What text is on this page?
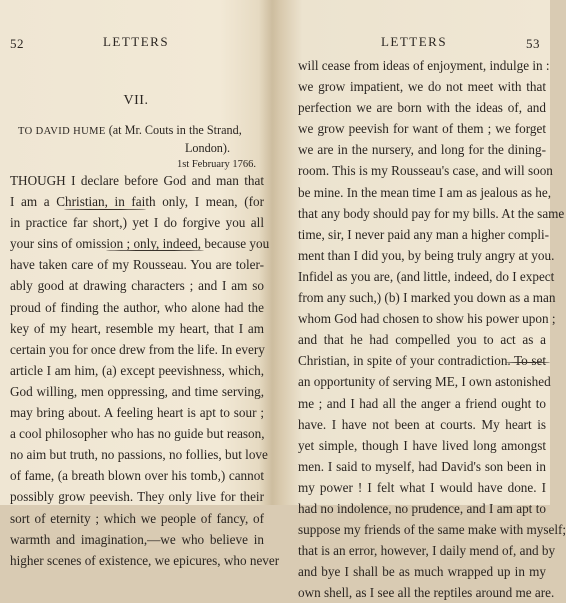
52	LETTERS
VII.
TO DAVID HUME (at Mr. Couts in the Strand,
London).
1st February 1766.
THOUGH I declare before God and man that
I am a Christian, in faith only, I mean, (for
in practice far short,) yet I do forgive you all
your sins of omission ; only, indeed, because you
have taken care of my Rousseau. You are toler-
ably good at drawing characters ; and I am so
proud of finding the author, who alone had the
key of my heart, resemble my heart, that I am
certain you for once drew from the life. In every
article I am him, (a) except peevishness, which,
God willing, men oppressing, and time serving,
may bring about. A feeling heart is apt to sour ;
a cool philosopher who has no guide but reason,
no aim but truth, no passions, no follies, but love
of fame, (a breath blown over his tomb,) cannot
possibly grow peevish. They only live for their
sort of eternity ; which we people of fancy, of
warmth and imagination,—we who believe in
higher scenes of existence, we epicures, who never
53
LETTERS
will cease from ideas of enjoyment, indulge in :
we grow impatient, we do not meet with that
perfection we are born with the ideas of, and
we grow peevish for want of them ; we forget
we are in the nursery, and long for the dining-
room. This is my Rousseau's case, and will soon
be mine. In the mean time I am as jealous as he,
that any body should pay for my bills. At the same
time, sir, I never paid any man a higher compli-
ment than I did you, by being truly angry at you.
Infidel as you are, (and little, indeed, do I expect
from any such,) (b) I marked you down as a man
whom God had chosen to show his power upon ;
and that he had compelled you to act as a
Christian, in spite of your contradiction. To set
an opportunity of serving ME, I own astonished
me ; and I had all the anger a friend ought to
have. I have not been at courts. My heart is
yet simple, though I have lived long amongst
men. I said to myself, had David's son been in
my power ! I felt what I would have done. I
had no indolence, no prudence, and I am apt to
suppose my friends of the same make with myself;
that is an error, however, I daily mend of, and by
and bye I shall be as much wrapped up in my
own shell, as I see all the reptiles around me are.
